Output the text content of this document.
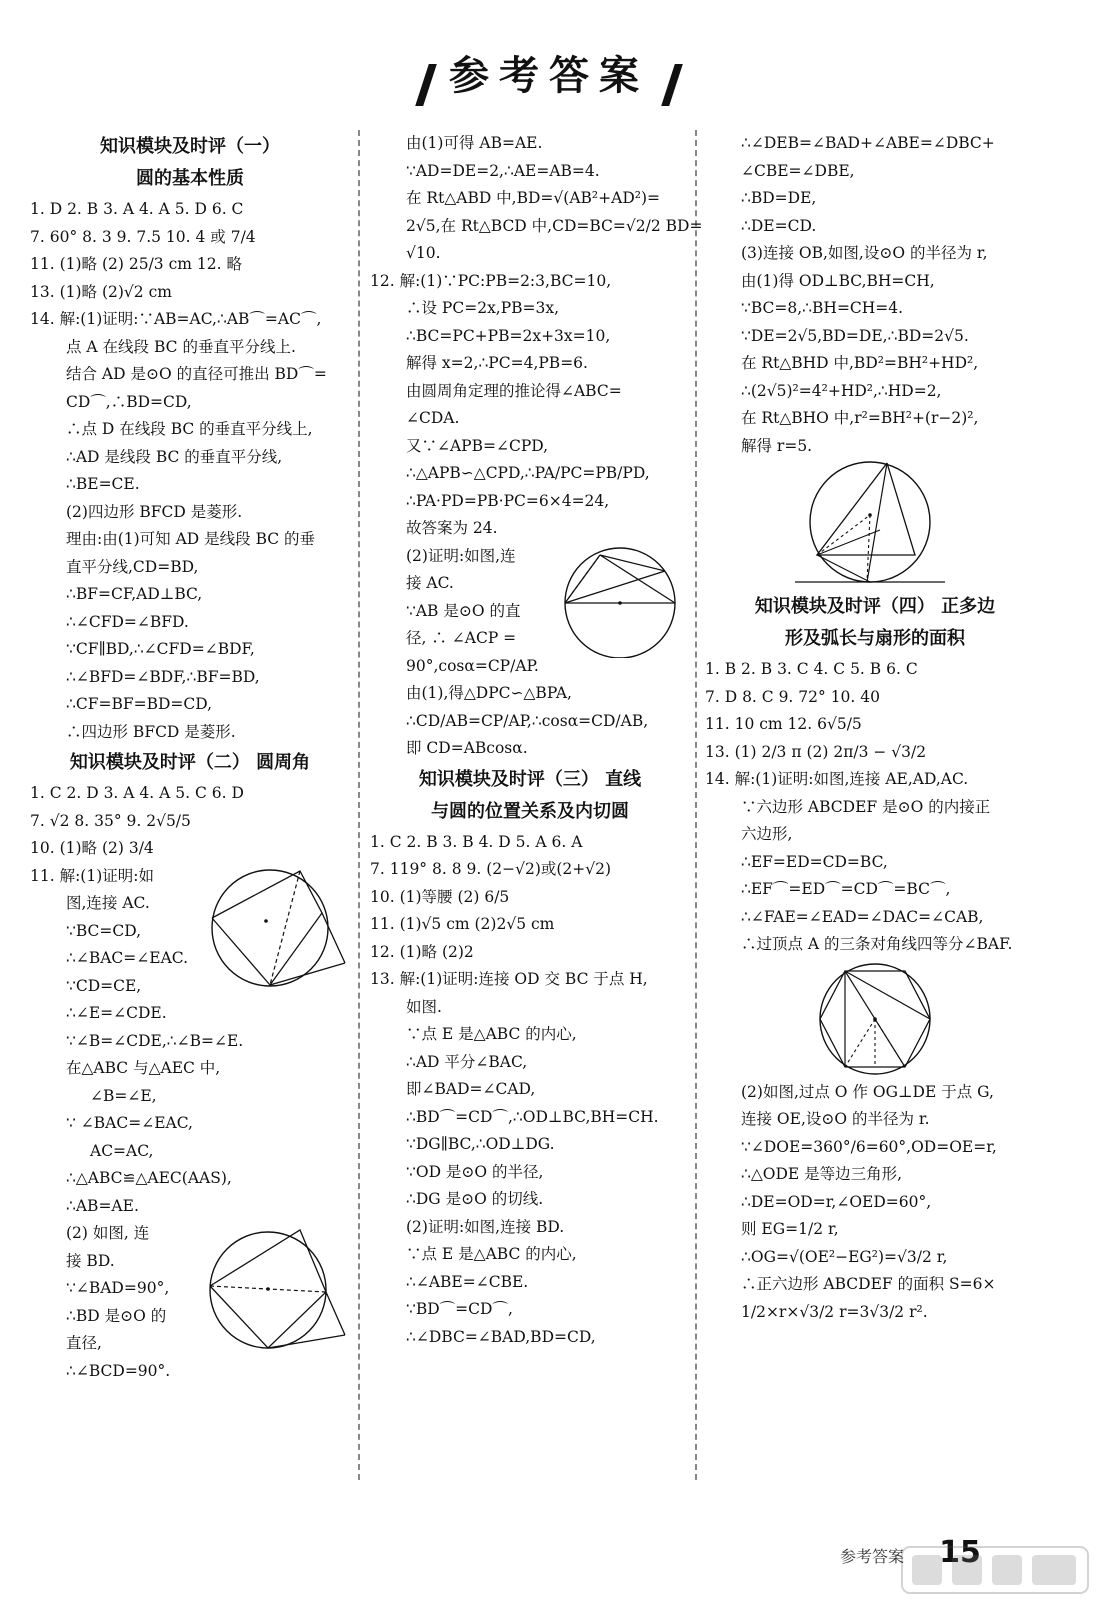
参考答案
知识模块及时评（一）
圆的基本性质
1. D 2. B 3. A 4. A 5. D 6. C
7. 60° 8. 3 9. 7.5 10. 4 或 7/4
11. (1)略 (2) 25/3 cm 12. 略
13. (1)略 (2)√2 cm
14. 解:(1)证明:∵AB=AC,∴AB⌒=AC⌒,
点 A 在线段 BC 的垂直平分线上.
结合 AD 是⊙O 的直径可推出 BD⌒=
CD⌒,∴BD=CD,
∴点 D 在线段 BC 的垂直平分线上,
∴AD 是线段 BC 的垂直平分线,
∴BE=CE.
(2)四边形 BFCD 是菱形.
理由:由(1)可知 AD 是线段 BC 的垂
直平分线,CD=BD,
∴BF=CF,AD⊥BC,
∴∠CFD=∠BFD.
∵CF∥BD,∴∠CFD=∠BDF,
∴∠BFD=∠BDF,∴BF=BD,
∴CF=BF=BD=CD,
∴四边形 BFCD 是菱形.
知识模块及时评（二） 圆周角
1. C 2. D 3. A 4. A 5. C 6. D
7. √2 8. 35° 9. 2√5/5
10. (1)略 (2) 3/4
11. 解:(1)证明:如
图,连接 AC.
∵BC=CD,
∴∠BAC=∠EAC.
∵CD=CE,
∴∠E=∠CDE.
∵∠B=∠CDE,∴∠B=∠E.
在△ABC 与△AEC 中,
∠B=∠E,
∵ ∠BAC=∠EAC,
AC=AC,
∴△ABC≌△AEC(AAS),
∴AB=AE.
(2) 如图, 连
接 BD.
∵∠BAD=90°,
∴BD 是⊙O 的
直径,
∴∠BCD=90°.
由(1)可得 AB=AE.
∵AD=DE=2,∴AE=AB=4.
在 Rt△ABD 中,BD=√(AB²+AD²)=
2√5,在 Rt△BCD 中,CD=BC=√2/2 BD=
√10.
12. 解:(1)∵PC:PB=2:3,BC=10,
∴设 PC=2x,PB=3x,
∴BC=PC+PB=2x+3x=10,
解得 x=2,∴PC=4,PB=6.
由圆周角定理的推论得∠ABC=
∠CDA.
又∵∠APB=∠CPD,
∴△APB∽△CPD,∴PA/PC=PB/PD,
∴PA·PD=PB·PC=6×4=24,
故答案为 24.
(2)证明:如图,连
接 AC.
∵AB 是⊙O 的直
径, ∴ ∠ACP =
90°,cosα=CP/AP.
由(1),得△DPC∽△BPA,
∴CD/AB=CP/AP,∴cosα=CD/AB,
即 CD=ABcosα.
知识模块及时评（三） 直线
与圆的位置关系及内切圆
1. C 2. B 3. B 4. D 5. A 6. A
7. 119° 8. 8 9. (2−√2)或(2+√2)
10. (1)等腰 (2) 6/5
11. (1)√5 cm (2)2√5 cm
12. (1)略 (2)2
13. 解:(1)证明:连接 OD 交 BC 于点 H,
如图.
∵点 E 是△ABC 的内心,
∴AD 平分∠BAC,
即∠BAD=∠CAD,
∴BD⌒=CD⌒,∴OD⊥BC,BH=CH.
∵DG∥BC,∴OD⊥DG.
∵OD 是⊙O 的半径,
∴DG 是⊙O 的切线.
(2)证明:如图,连接 BD.
∵点 E 是△ABC 的内心,
∴∠ABE=∠CBE.
∵BD⌒=CD⌒,
∴∠DBC=∠BAD,BD=CD,
∴∠DEB=∠BAD+∠ABE=∠DBC+
∠CBE=∠DBE,
∴BD=DE,
∴DE=CD.
(3)连接 OB,如图,设⊙O 的半径为 r,
由(1)得 OD⊥BC,BH=CH,
∵BC=8,∴BH=CH=4.
∵DE=2√5,BD=DE,∴BD=2√5.
在 Rt△BHD 中,BD²=BH²+HD²,
∴(2√5)²=4²+HD²,∴HD=2,
在 Rt△BHO 中,r²=BH²+(r−2)²,
解得 r=5.
知识模块及时评（四） 正多边
形及弧长与扇形的面积
1. B 2. B 3. C 4. C 5. B 6. C
7. D 8. C 9. 72° 10. 40
11. 10 cm 12. 6√5/5
13. (1) 2/3 π (2) 2π/3 − √3/2
14. 解:(1)证明:如图,连接 AE,AD,AC.
∵六边形 ABCDEF 是⊙O 的内接正
六边形,
∴EF=ED=CD=BC,
∴EF⌒=ED⌒=CD⌒=BC⌒,
∴∠FAE=∠EAD=∠DAC=∠CAB,
∴过顶点 A 的三条对角线四等分∠BAF.
(2)如图,过点 O 作 OG⊥DE 于点 G,
连接 OE,设⊙O 的半径为 r.
∵∠DOE=360°/6=60°,OD=OE=r,
∴△ODE 是等边三角形,
∴DE=OD=r,∠OED=60°,
则 EG=1/2 r,
∴OG=√(OE²−EG²)=√3/2 r,
∴正六边形 ABCDEF 的面积 S=6×
1/2×r×√3/2 r=3√3/2 r².
参考答案 15
